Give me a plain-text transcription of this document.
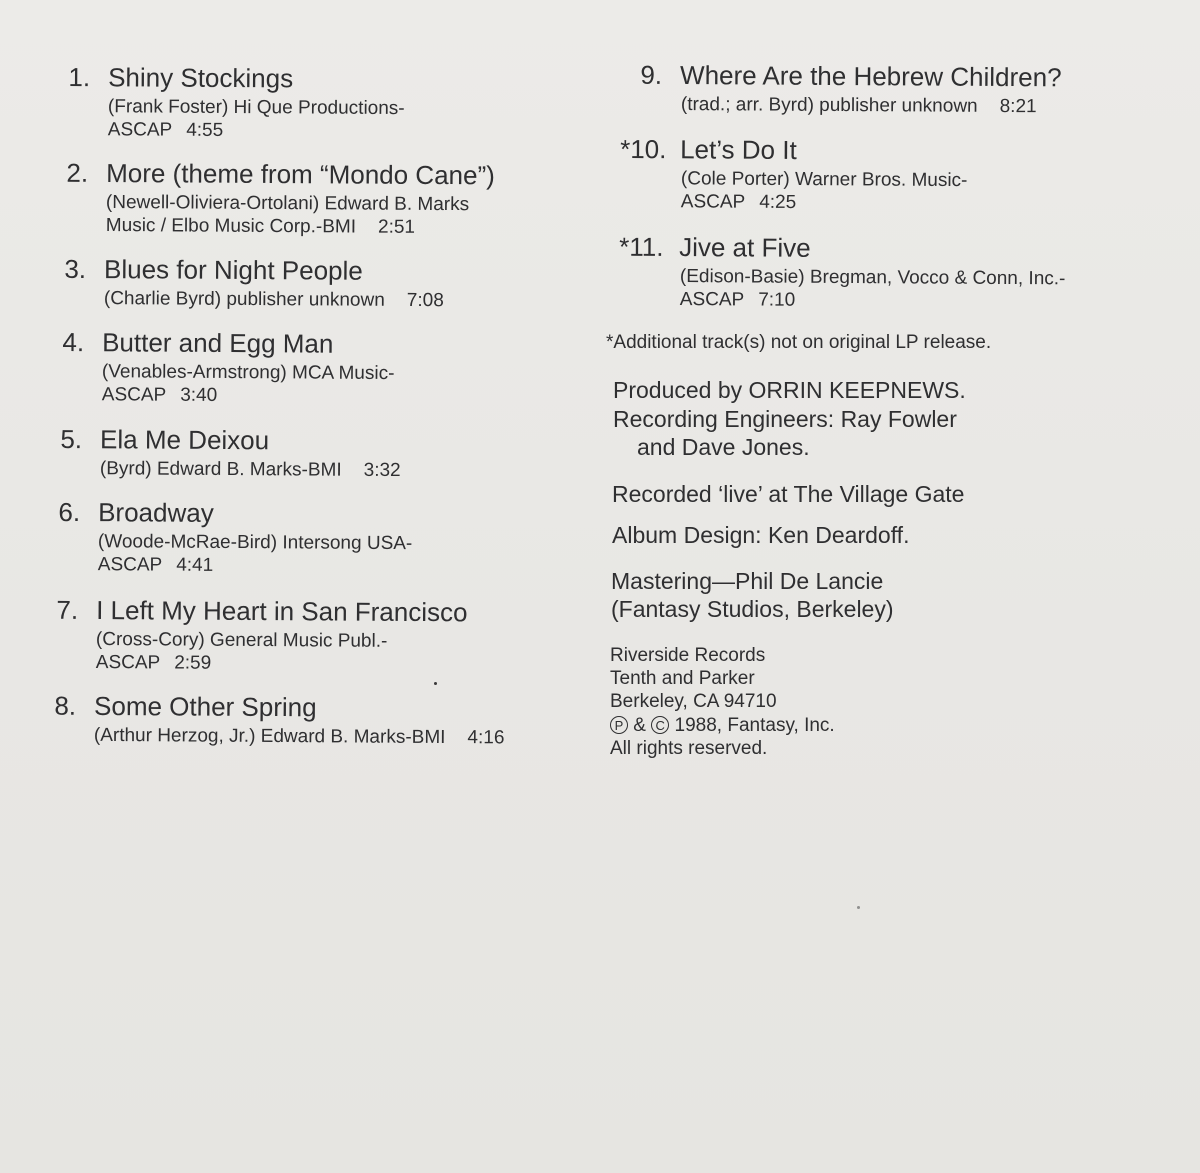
1. Shiny Stockings
(Frank Foster) Hi Que Productions-
ASCAP 4:55
2. More (theme from “Mondo Cane”)
(Newell-Oliviera-Ortolani) Edward B. Marks
Music / Elbo Music Corp.-BMI 2:51
3. Blues for Night People
(Charlie Byrd) publisher unknown 7:08
4. Butter and Egg Man
(Venables-Armstrong) MCA Music-
ASCAP 3:40
5. Ela Me Deixou
(Byrd) Edward B. Marks-BMI 3:32
6. Broadway
(Woode-McRae-Bird) Intersong USA-
ASCAP 4:41
7. I Left My Heart in San Francisco
(Cross-Cory) General Music Publ.-
ASCAP 2:59
8. Some Other Spring
(Arthur Herzog, Jr.) Edward B. Marks-BMI 4:16
9. Where Are the Hebrew Children?
(trad.; arr. Byrd) publisher unknown 8:21
*10. Let’s Do It
(Cole Porter) Warner Bros. Music-
ASCAP 4:25
*11. Jive at Five
(Edison-Basie) Bregman, Vocco & Conn, Inc.-
ASCAP 7:10
*Additional track(s) not on original LP release.
Produced by ORRIN KEEPNEWS.
Recording Engineers: Ray Fowler
and Dave Jones.
Recorded ‘live’ at The Village Gate
Album Design: Ken Deardoff.
Mastering—Phil De Lancie
(Fantasy Studios, Berkeley)
Riverside Records
Tenth and Parker
Berkeley, CA 94710
P & C 1988, Fantasy, Inc.
All rights reserved.
